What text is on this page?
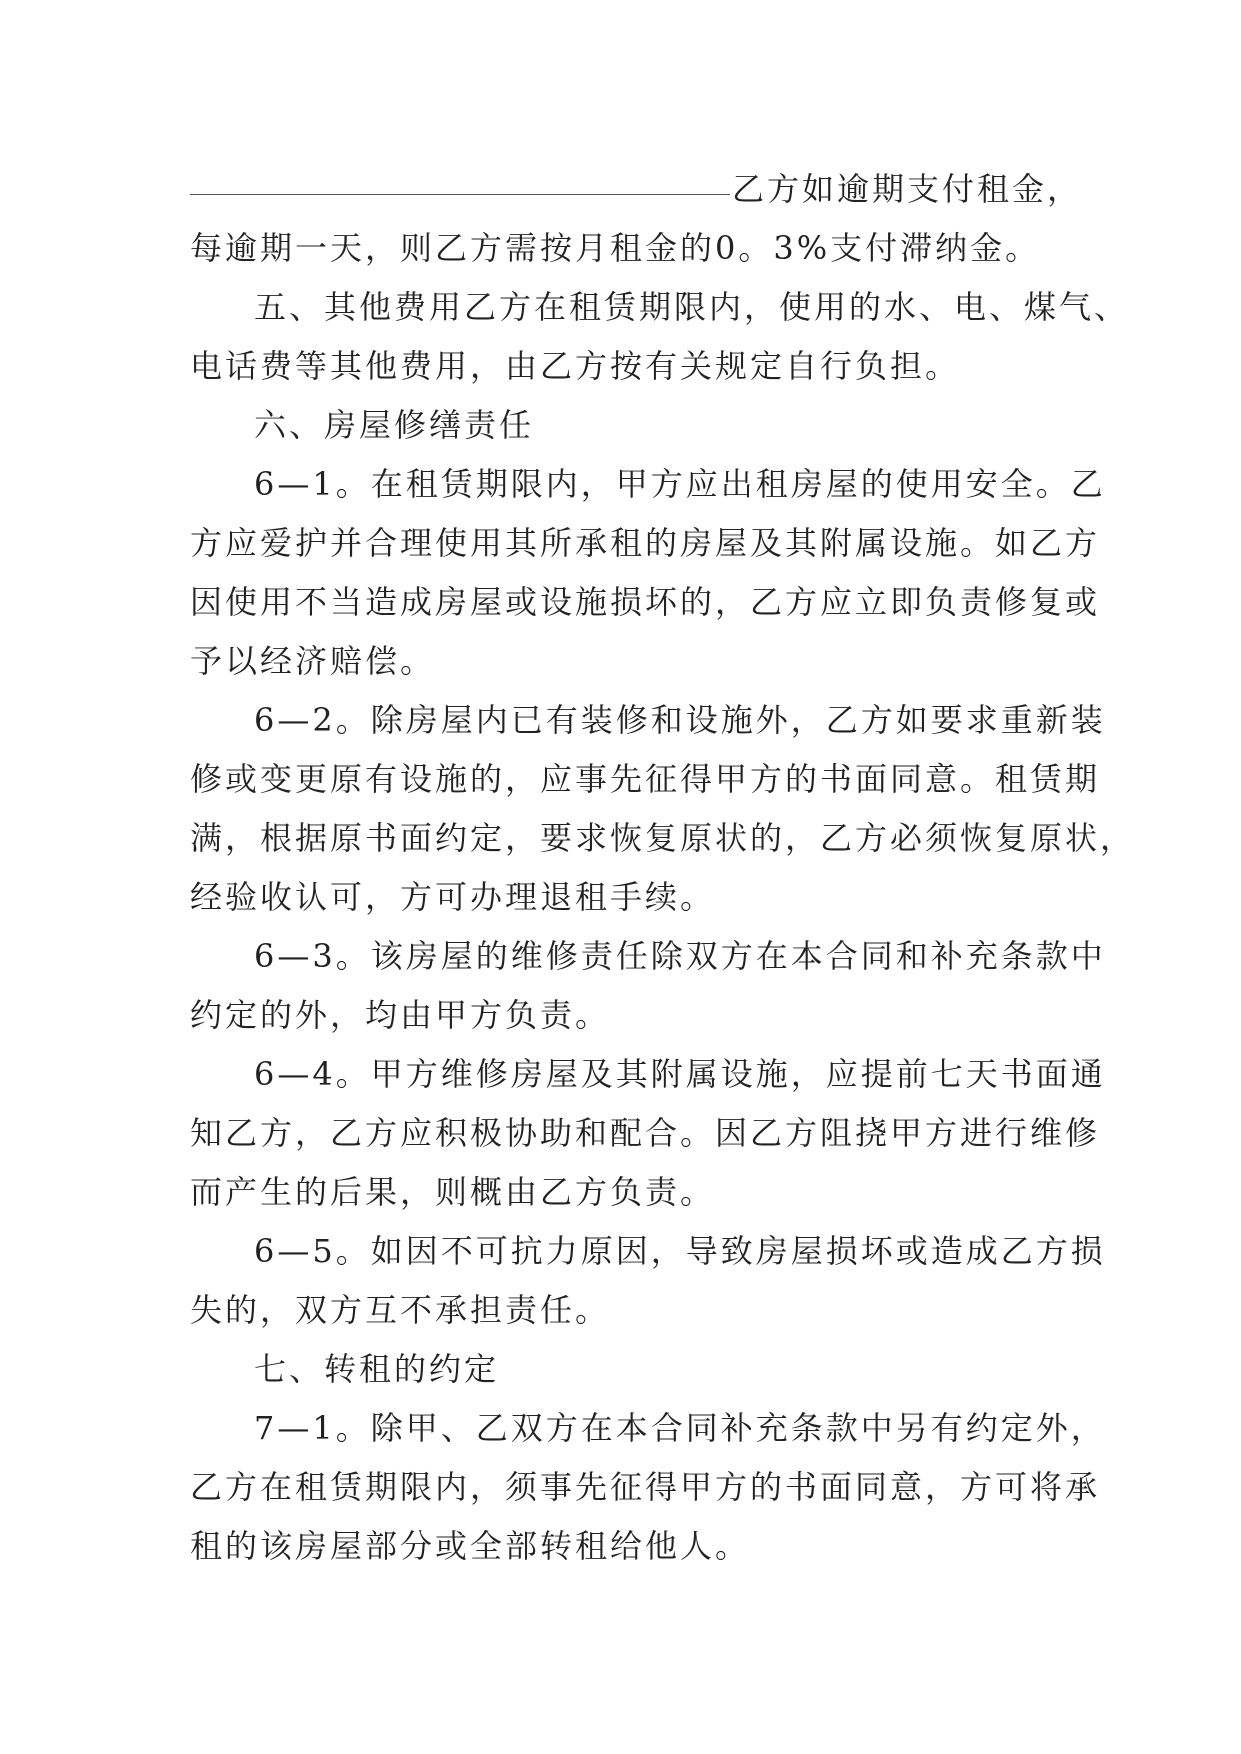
乙方如逾期支付租金，
每逾期一天，则乙方需按月租金的0。3%支付滞纳金。
五、其他费用乙方在租赁期限内，使用的水、电、煤气、
电话费等其他费用，由乙方按有关规定自行负担。
六、房屋修缮责任
6—1。在租赁期限内，甲方应出租房屋的使用安全。乙
方应爱护并合理使用其所承租的房屋及其附属设施。如乙方
因使用不当造成房屋或设施损坏的，乙方应立即负责修复或
予以经济赔偿。
6—2。除房屋内已有装修和设施外，乙方如要求重新装
修或变更原有设施的，应事先征得甲方的书面同意。租赁期
满，根据原书面约定，要求恢复原状的，乙方必须恢复原状，
经验收认可，方可办理退租手续。
6—3。该房屋的维修责任除双方在本合同和补充条款中
约定的外，均由甲方负责。
6—4。甲方维修房屋及其附属设施，应提前七天书面通
知乙方，乙方应积极协助和配合。因乙方阻挠甲方进行维修
而产生的后果，则概由乙方负责。
6—5。如因不可抗力原因，导致房屋损坏或造成乙方损
失的，双方互不承担责任。
七、转租的约定
7—1。除甲、乙双方在本合同补充条款中另有约定外，
乙方在租赁期限内，须事先征得甲方的书面同意，方可将承
租的该房屋部分或全部转租给他人。
